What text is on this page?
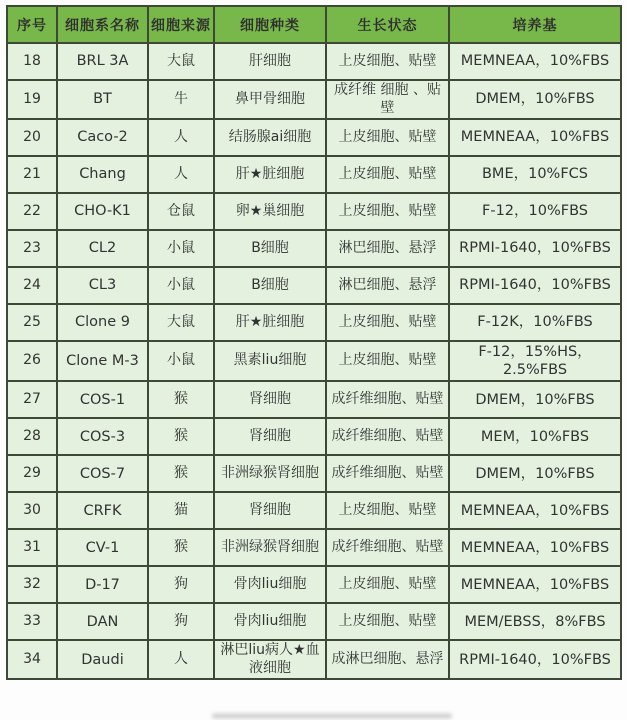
序号	细胞系名称	细胞来源	细胞种类	生长状态	培养基
18	BRL 3A	大鼠	肝细胞	上皮细胞、贴壁	MEMNEAA，10%FBS
19	BT	牛	鼻甲骨细胞	成纤维 细胞 、贴壁	DMEM，10%FBS
20	Caco-2	人	结肠腺ai细胞	上皮细胞、贴壁	MEMNEAA，10%FBS
21	Chang	人	肝★脏细胞	上皮细胞、贴壁	BME，10%FCS
22	CHO-K1	仓鼠	卵★巢细胞	上皮细胞、贴壁	F-12，10%FBS
23	CL2	小鼠	B细胞	淋巴细胞、悬浮	RPMI-1640，10%FBS
24	CL3	小鼠	B细胞	淋巴细胞、悬浮	RPMI-1640，10%FBS
25	Clone 9	大鼠	肝★脏细胞	上皮细胞、贴壁	F-12K，10%FBS
26	Clone M-3	小鼠	黑素liu细胞	上皮细胞、贴壁	F-12，15%HS，2.5%FBS
27	COS-1	猴	肾细胞	成纤维细胞、贴壁	DMEM，10%FBS
28	COS-3	猴	肾细胞	成纤维细胞、贴壁	MEM，10%FBS
29	COS-7	猴	非洲绿猴肾细胞	成纤维细胞、贴壁	DMEM，10%FBS
30	CRFK	猫	肾细胞	上皮细胞、贴壁	MEMNEAA，10%FBS
31	CV-1	猴	非洲绿猴肾细胞	成纤维细胞、贴壁	MEMNEAA，10%FBS
32	D-17	狗	骨肉liu细胞	上皮细胞、贴壁	MEMNEAA，10%FBS
33	DAN	狗	骨肉liu细胞	上皮细胞、贴壁	MEM/EBSS，8%FBS
34	Daudi	人	淋巴liu病人★血液细胞	成淋巴细胞、悬浮	RPMI-1640，10%FBS
